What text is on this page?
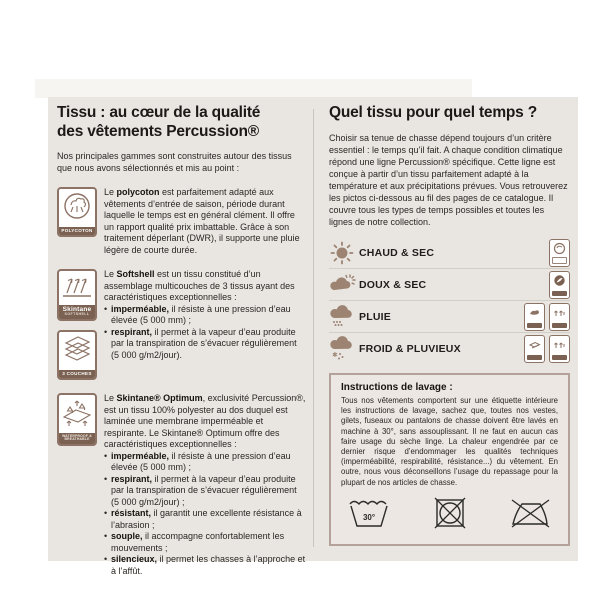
Tissu : au cœur de la qualité
des vêtements Percussion®

Nos principales gammes sont construites autour des tissus que nous avons sélectionnés et mis au point :

POLYCOTON

Le polycoton est parfaitement adapté aux vêtements d’entrée de saison, période durant laquelle le temps est en général clément. Il offre un rapport qualité prix imbattable. Grâce à son traitement déperlant (DWR), il supporte une pluie légère de courte durée.

Skintane
SOFTSHELL
3 COUCHES

Le Softshell est un tissu constitué d’un assemblage multicouches de 3 tissus ayant des caractéristiques exceptionnelles :

• imperméable, il résiste à une pression d’eau élevée (5 000 mm) ;

• respirant, il permet à la vapeur d’eau produite par la transpiration de s’évacuer régulièrement (5 000 g/m2/jour).

WATERPROOF &
BREATHABLE

Le Skintane® Optimum, exclusivité Percussion®, est un tissu 100% polyester au dos duquel est laminée une membrane imperméable et respirante. Le Skintane® Optimum offre des caractéristiques exceptionnelles :

• imperméable, il résiste à une pression d’eau élevée (5 000 mm) ;

• respirant, il permet à la vapeur d’eau produite par la transpiration de s’évacuer régulièrement (5 000 g/m2/jour) ;

• résistant, il garantit une excellente résistance à l’abrasion ;

• souple, il accompagne confortablement les mouvements ;

• silencieux, il permet les chasses à l’approche et à l’affût.

Quel tissu pour quel temps ?

Choisir sa tenue de chasse dépend toujours d’un critère essentiel : le temps qu’il fait. A chaque condition climatique répond une ligne Percussion® spécifique. Cette ligne est conçue à partir d’un tissu parfaitement adapté à la température et aux précipitations prévues. Vous retrouverez les pictos ci-dessous au fil des pages de ce catalogue. Il couvre tous les types de temps possibles et toutes les lignes de notre collection.

CHAUD & SEC
DOUX & SEC
PLUIE
FROID & PLUVIEUX

Instructions de lavage :

Tous nos vêtements comportent sur une étiquette intérieure les instructions de lavage, sachez que, toutes nos vestes, gilets, fuseaux ou pantalons de chasse doivent être lavés en machine à 30°, sans assouplissant. Il ne faut en aucun cas faire usage du sèche linge. La chaleur engendrée par ce dernier risque d’endommager les qualités techniques (imperméabilité, respirabilité, résistance...) du vêtement. En outre, nous vous déconseillons l’usage du repassage pour la plupart de nos articles de chasse.

30°
